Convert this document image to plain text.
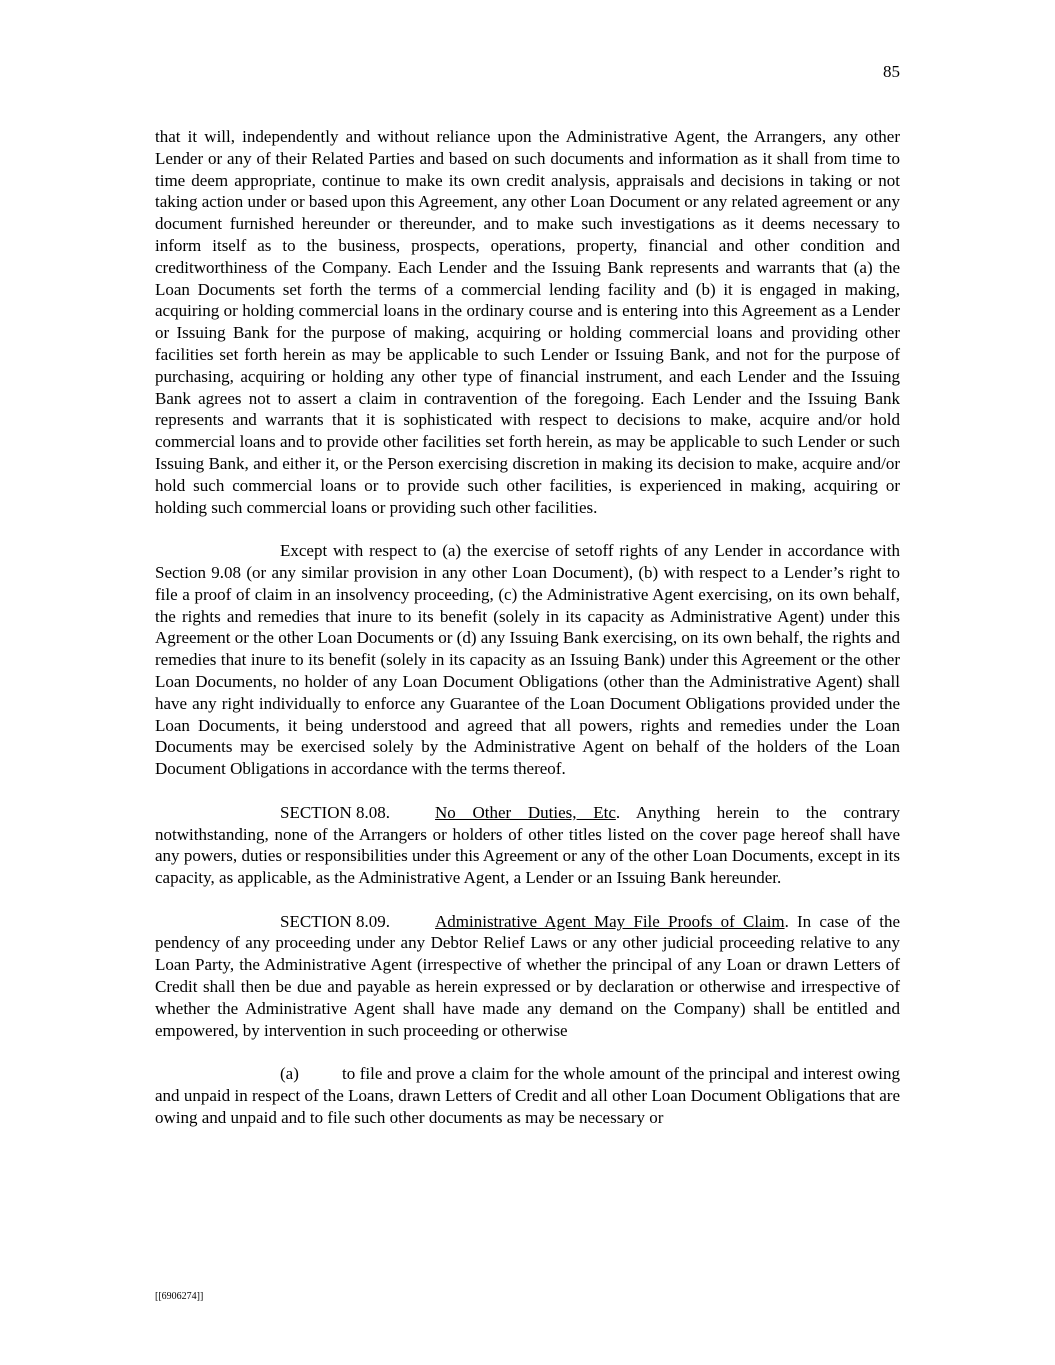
85

that it will, independently and without reliance upon the Administrative Agent, the Arrangers, any other Lender or any of their Related Parties and based on such documents and information as it shall from time to time deem appropriate, continue to make its own credit analysis, appraisals and decisions in taking or not taking action under or based upon this Agreement, any other Loan Document or any related agreement or any document furnished hereunder or thereunder, and to make such investigations as it deems necessary to inform itself as to the business, prospects, operations, property, financial and other condition and creditworthiness of the Company. Each Lender and the Issuing Bank represents and warrants that (a) the Loan Documents set forth the terms of a commercial lending facility and (b) it is engaged in making, acquiring or holding commercial loans in the ordinary course and is entering into this Agreement as a Lender or Issuing Bank for the purpose of making, acquiring or holding commercial loans and providing other facilities set forth herein as may be applicable to such Lender or Issuing Bank, and not for the purpose of purchasing, acquiring or holding any other type of financial instrument, and each Lender and the Issuing Bank agrees not to assert a claim in contravention of the foregoing. Each Lender and the Issuing Bank represents and warrants that it is sophisticated with respect to decisions to make, acquire and/or hold commercial loans and to provide other facilities set forth herein, as may be applicable to such Lender or such Issuing Bank, and either it, or the Person exercising discretion in making its decision to make, acquire and/or hold such commercial loans or to provide such other facilities, is experienced in making, acquiring or holding such commercial loans or providing such other facilities.

Except with respect to (a) the exercise of setoff rights of any Lender in accordance with Section 9.08 (or any similar provision in any other Loan Document), (b) with respect to a Lender’s right to file a proof of claim in an insolvency proceeding, (c) the Administrative Agent exercising, on its own behalf, the rights and remedies that inure to its benefit (solely in its capacity as Administrative Agent) under this Agreement or the other Loan Documents or (d) any Issuing Bank exercising, on its own behalf, the rights and remedies that inure to its benefit (solely in its capacity as an Issuing Bank) under this Agreement or the other Loan Documents, no holder of any Loan Document Obligations (other than the Administrative Agent) shall have any right individually to enforce any Guarantee of the Loan Document Obligations provided under the Loan Documents, it being understood and agreed that all powers, rights and remedies under the Loan Documents may be exercised solely by the Administrative Agent on behalf of the holders of the Loan Document Obligations in accordance with the terms thereof.

SECTION 8.08.	No Other Duties, Etc. Anything herein to the contrary notwithstanding, none of the Arrangers or holders of other titles listed on the cover page hereof shall have any powers, duties or responsibilities under this Agreement or any of the other Loan Documents, except in its capacity, as applicable, as the Administrative Agent, a Lender or an Issuing Bank hereunder.

SECTION 8.09.	Administrative Agent May File Proofs of Claim. In case of the pendency of any proceeding under any Debtor Relief Laws or any other judicial proceeding relative to any Loan Party, the Administrative Agent (irrespective of whether the principal of any Loan or drawn Letters of Credit shall then be due and payable as herein expressed or by declaration or otherwise and irrespective of whether the Administrative Agent shall have made any demand on the Company) shall be entitled and empowered, by intervention in such proceeding or otherwise

(a)	to file and prove a claim for the whole amount of the principal and interest owing and unpaid in respect of the Loans, drawn Letters of Credit and all other Loan Document Obligations that are owing and unpaid and to file such other documents as may be necessary or

[[6906274]]
